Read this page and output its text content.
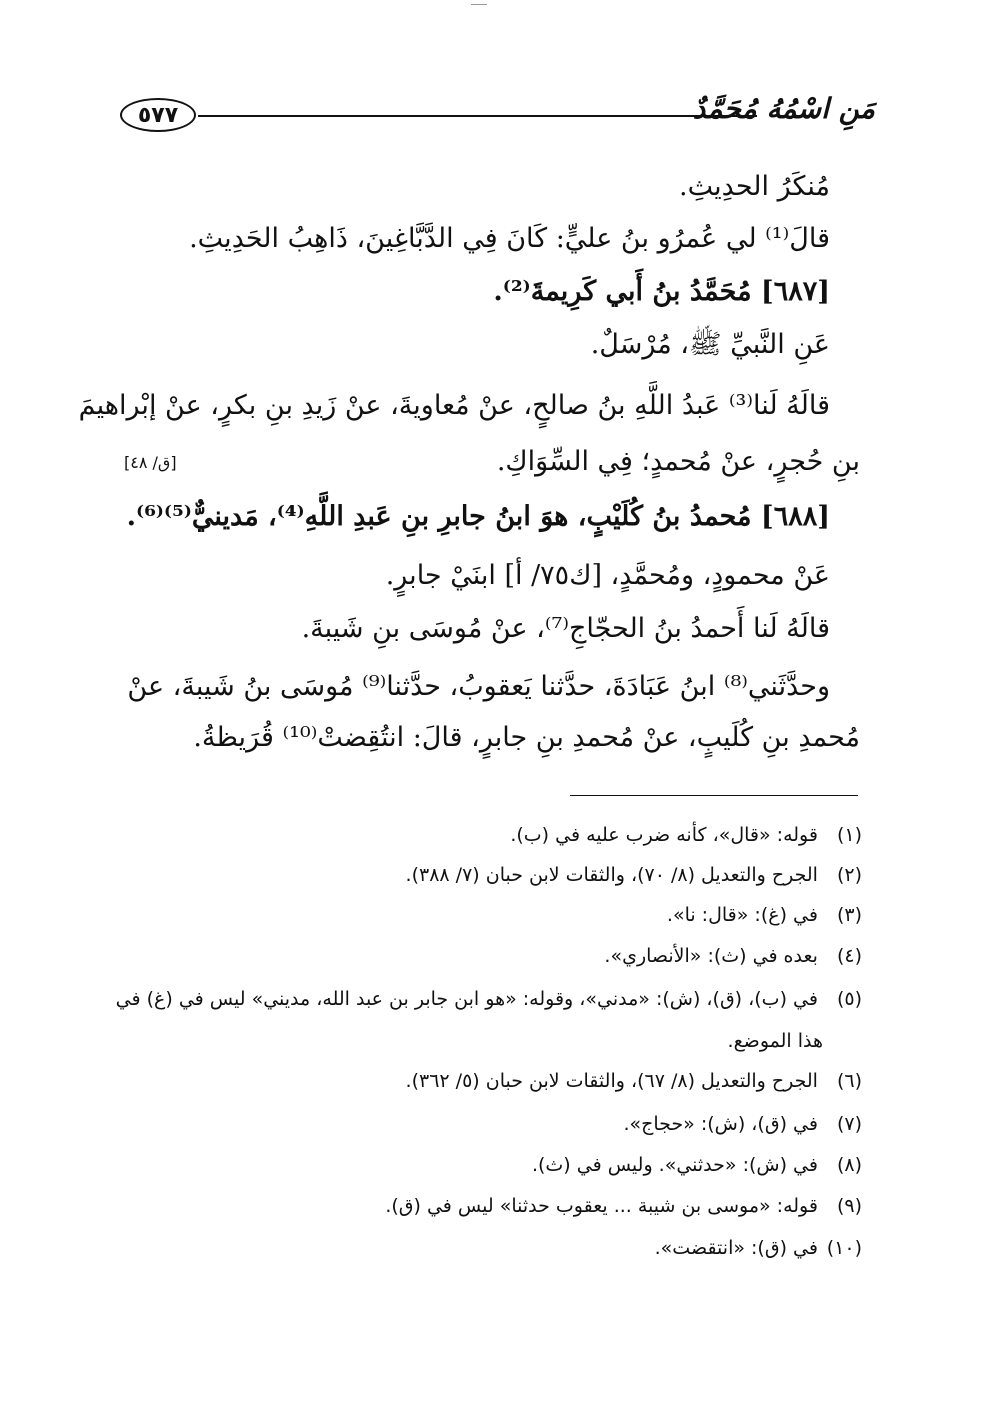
٥٧٧	مَنِ اسْمُهُ مُحَمَّدٌ
مُنكَرُ الحدِيثِ.
قالَ⁽¹⁾ لي عُمرُو بنُ عليٍّ: كَانَ فِي الدَّبَّاغِينَ، ذَاهِبُ الحَدِيثِ.
[٦٨٧] مُحَمَّدُ بنُ أَبي كَرِيمةَ⁽²⁾.
عَنِ النَّبيِّ ﷺ، مُرْسَلٌ.
قالَهُ لَنا⁽³⁾ عَبدُ اللَّهِ بنُ صالحٍ، عنْ مُعاويةَ، عنْ زَيدِ بنِ بكرٍ، عنْ إبْراهيمَ
بنِ حُجرٍ، عنْ مُحمدٍ؛ فِي السِّوَاكِ.
[ق/ ٤٨]
[٦٨٨] مُحمدُ بنُ كُلَيْبٍ، هوَ ابنُ جابرِ بنِ عَبدِ اللَّهِ⁽⁴⁾، مَدينيٌّ⁽⁵⁾⁽⁶⁾.
عَنْ محمودٍ، ومُحمَّدٍ، [ك٧٥/ أ] ابنَيْ جابرٍ.
قالَهُ لَنا أَحمدُ بنُ الحجّاجِ⁽⁷⁾، عنْ مُوسَى بنِ شَيبةَ.
وحدَّثَني⁽⁸⁾ ابنُ عَبَادَةَ، حدَّثنا يَعقوبُ، حدَّثنا⁽⁹⁾ مُوسَى بنُ شَيبةَ، عنْ
مُحمدِ بنِ كُلَيبٍ، عنْ مُحمدِ بنِ جابرٍ، قالَ: انتُقِضتْ⁽¹⁰⁾ قُرَيظةُ.
(١) قوله: «قال»، كأنه ضرب عليه في (ب).
(٢) الجرح والتعديل (٨/ ٧٠)، والثقات لابن حبان (٧/ ٣٨٨).
(٣) في (غ): «قال: نا».
(٤) بعده في (ث): «الأنصاري».
(٥) في (ب)، (ق)، (ش): «مدني»، وقوله: «هو ابن جابر بن عبد الله، مديني» ليس في (غ) في
هذا الموضع.
(٦) الجرح والتعديل (٨/ ٦٧)، والثقات لابن حبان (٥/ ٣٦٢).
(٧) في (ق)، (ش): «حجاج».
(٨) في (ش): «حدثني». وليس في (ث).
(٩) قوله: «موسى بن شيبة ... يعقوب حدثنا» ليس في (ق).
(١٠) في (ق): «انتقضت».
